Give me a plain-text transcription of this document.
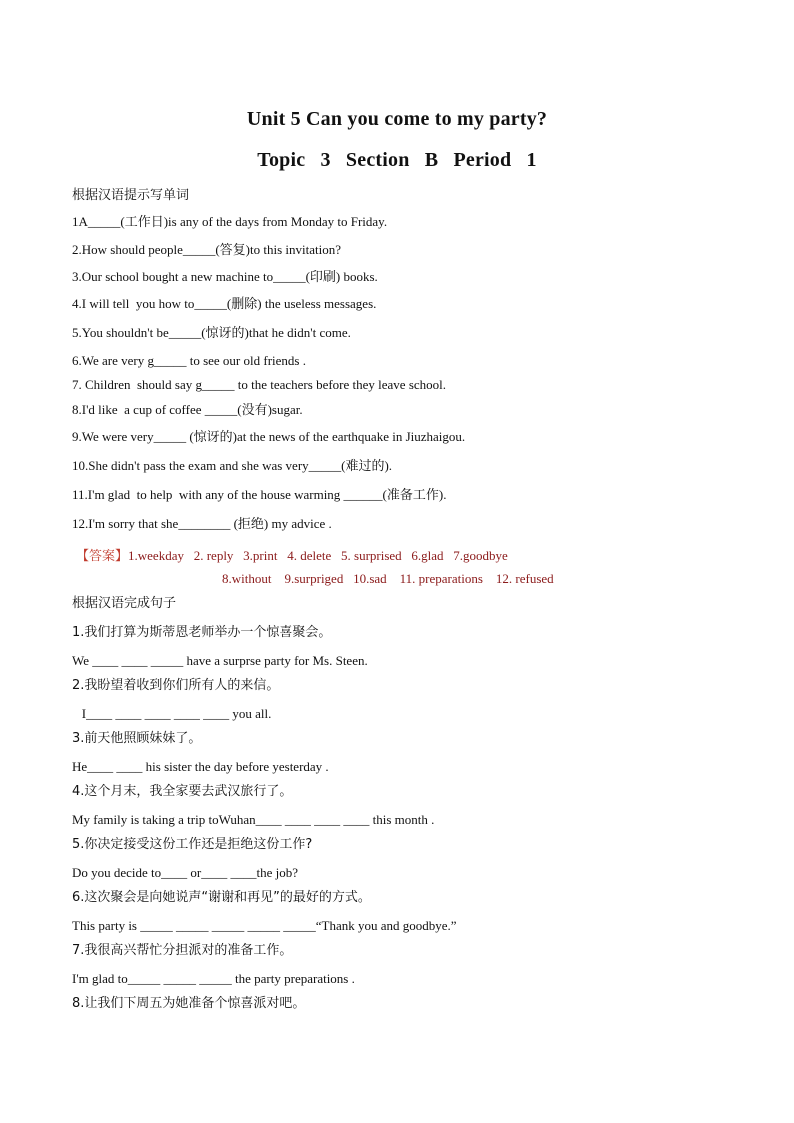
Unit 5 Can you come to my party?
Topic 3 Section B Period 1
根据汉语提示写单词
1A_____(工作日)is any of the days from Monday to Friday.
2.How should people_____(答复)to this invitation?
3.Our school bought a new machine to_____(印刷) books.
4.I will tell  you how to_____(删除) the useless messages.
5.You shouldn't be_____(惊讶的)that he didn't come.
6.We are very g_____ to see our old friends .
7. Children  should say g_____ to the teachers before they leave school.
8.I'd like  a cup of coffee _____(没有)sugar.
9.We were very_____ (惊讶的)at the news of the earthquake in Jiuzhaigou.
10.She didn't pass the exam and she was very_____(难过的).
11.I'm glad  to help  with any of the house warming ______(准备工作).
12.I'm sorry that she________ (拒绝) my advice .
【答案】1.weekday   2. reply   3.print   4. delete   5. surprised   6.glad   7.goodbye
8.without    9.surpriged   10.sad    11. preparations    12. refused
根据汉语完成句子
1.我们打算为斯蒂恩老师举办一个惊喜聚会。
We ____ ____ _____ have a surprse party for Ms. Steen.
2.我盼望着收到你们所有人的来信。
I____ ____ ____ ____ ____ you all.
3.前天他照顾妹妹了。
He____ ____ his sister the day before yesterday .
4.这个月末，我全家要去武汉旅行了。
My family is taking a trip toWuhan____ ____ ____ ____ this month .
5.你决定接受这份工作还是拒绝这份工作?
Do you decide to____ or____ ____the job?
6.这次聚会是向她说声“谢谢和再见”的最好的方式。
This party is _____ _____ _____ _____ _____“Thank you and goodbye.”
7.我很高兴帮忙分担派对的准备工作。
I'm glad to_____ _____ _____ the party preparations .
8.让我们下周五为她准备个惊喜派对吧。
